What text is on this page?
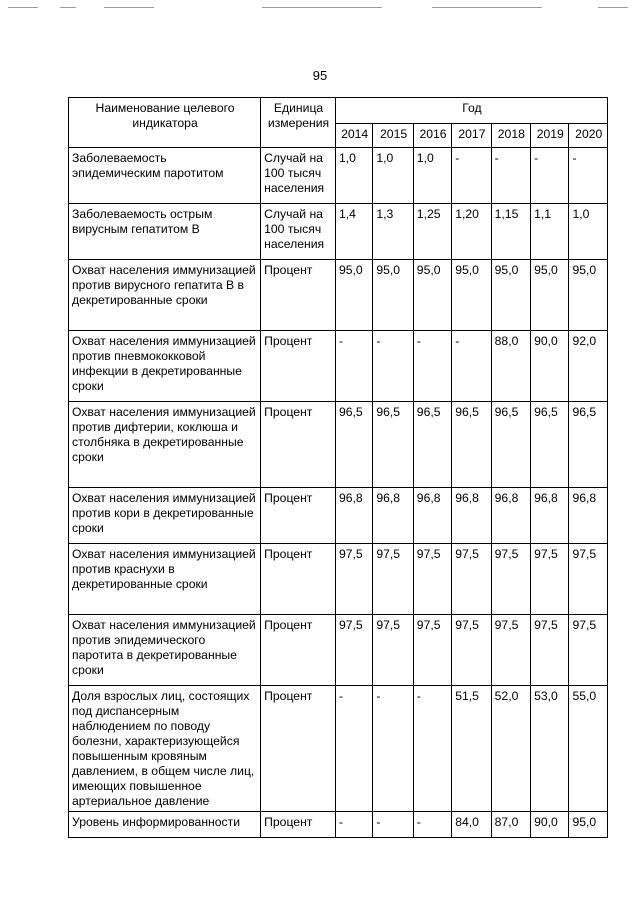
95
Наименование целевого индикатора	Единица измерения	Год						
		2014	2015	2016	2017	2018	2019	2020
Заболеваемость эпидемическим паротитом	Случай на 100 тысяч населения	1,0	1,0	1,0	-	-	-	-
Заболеваемость острым вирусным гепатитом В	Случай на 100 тысяч населения	1,4	1,3	1,25	1,20	1,15	1,1	1,0
Охват населения иммунизацией против вирусного гепатита В в декретированные сроки	Процент	95,0	95,0	95,0	95,0	95,0	95,0	95,0
Охват населения иммунизацией против пневмококковой инфекции в декретированные сроки	Процент	-	-	-	-	88,0	90,0	92,0
Охват населения иммунизацией против дифтерии, коклюша и столбняка в декретированные сроки	Процент	96,5	96,5	96,5	96,5	96,5	96,5	96,5
Охват населения иммунизацией против кори в декретированные сроки	Процент	96,8	96,8	96,8	96,8	96,8	96,8	96,8
Охват населения иммунизацией против краснухи в декретированные сроки	Процент	97,5	97,5	97,5	97,5	97,5	97,5	97,5
Охват населения иммунизацией против эпидемического паротита в декретированные сроки	Процент	97,5	97,5	97,5	97,5	97,5	97,5	97,5
Доля взрослых лиц, состоящих под диспансерным наблюдением по поводу болезни, характеризующейся повышенным кровяным давлением, в общем числе лиц, имеющих повышенное артериальное давление	Процент	-	-	-	51,5	52,0	53,0	55,0
Уровень информированности	Процент	-	-	-	84,0	87,0	90,0	95,0
